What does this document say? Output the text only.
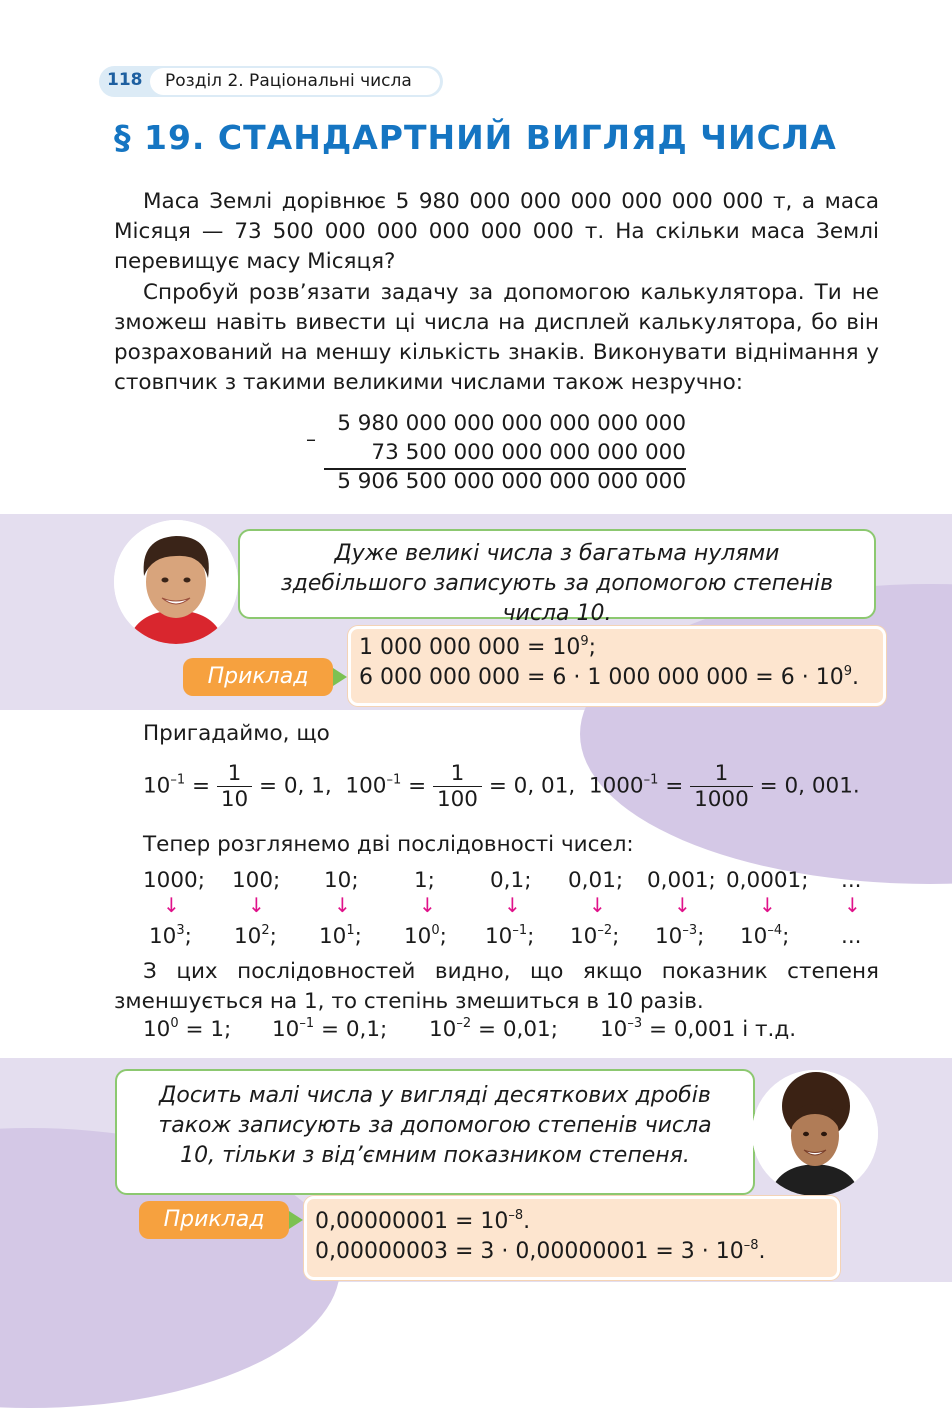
118 Розділ 2. Раціональні числа
§ 19. СТАНДАРТНИЙ ВИГЛЯД ЧИСЛА
Маса Землі дорівнює 5 980 000 000 000 000 000 000 т, а маса Місяця — 73 500 000 000 000 000 000 т. На скільки маса Землі перевищує масу Місяця?
Спробуй розв’язати задачу за допомогою калькулятора. Ти не зможеш навіть вивести ці числа на дисплей калькулятора, бо він розрахований на меншу кількість знаків. Виконувати віднімання у стовпчик з такими великими числами також незручно:
5 980 000 000 000 000 000 000
–
73 500 000 000 000 000 000
5 906 500 000 000 000 000 000
Дуже великі числа з багатьма нулями здебільшого записують за допомогою степенів числа 10.
Приклад
1 000 000 $000 = 10^9$;
6 000 000 000 = 6 · 1 000 000 $000 = 6 \cdot 10^9$.
Пригадаймо, що
$10^{-1} = \frac{1}{10} = 0$, 1, $100^{-1} = \frac{1}{100} = 0$, 01, $1000^{-1} = \frac{1}{1000} = 0$, 001.
Тепер розглянемо дві послідовності чисел:
1000; 100; 10;	1;	0,1; 0,01; 0,001; 0,0001; ...
↓	↓	↓	↓	↓	↓	↓	↓	↓
$10^3$; $10^2$; $10^1$; $10^0$; $10^{-1}$; $10^{-2}$; $10^{-3}$; $10^{-4}$; ...
З цих послідовностей видно, що якщо показник степеня зменшується на 1, то степінь змешиться в 10 разів.
$10^0 = 1$; $10^{-1} = 0,1$; $10^{-2} = 0,01$; $10^{-3} = 0,001$ і т.д.
Досить малі числа у вигляді десяткових дробів також записують за допомогою степенів числа 10, тільки з від’ємним показником степеня.
Приклад	$0,00000001 = 10^{-8}$.
$0,00000003 = 3 \cdot 0,00000001 = 3 \cdot 10^{-8}$.
